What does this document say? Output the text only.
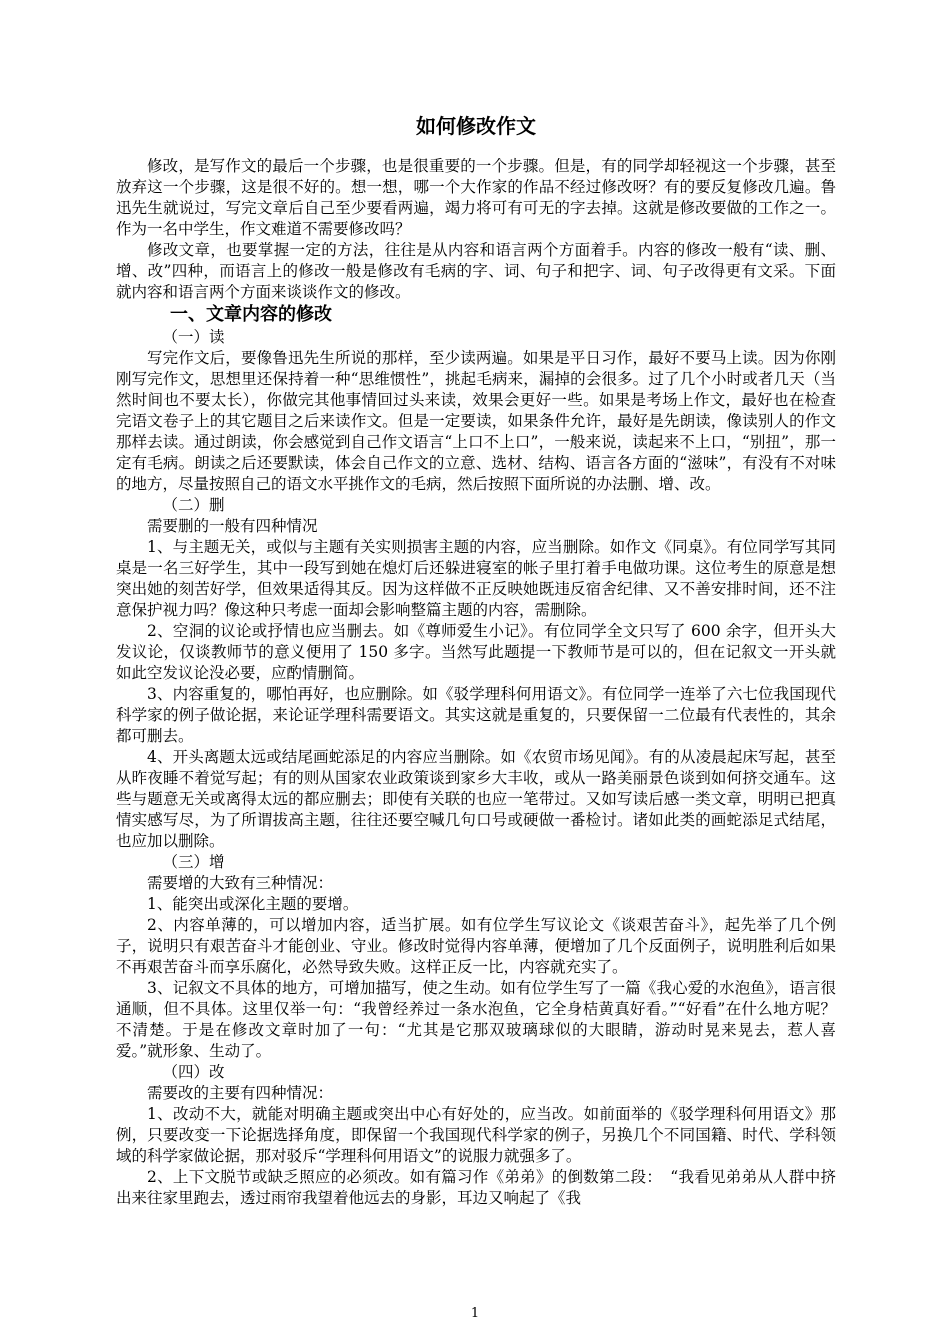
如何修改作文

修改，是写作文的最后一个步骤，也是很重要的一个步骤。但是，有的同学却轻视这一个步骤，甚至放弃这一个步骤，这是很不好的。想一想，哪一个大作家的作品不经过修改呀？有的要反复修改几遍。鲁迅先生就说过，写完文章后自己至少要看两遍，竭力将可有可无的字去掉。这就是修改要做的工作之一。作为一名中学生，作文难道不需要修改吗？

修改文章，也要掌握一定的方法，往往是从内容和语言两个方面着手。内容的修改一般有“读、删、增、改”四种，而语言上的修改一般是修改有毛病的字、词、句子和把字、词、句子改得更有文采。下面就内容和语言两个方面来谈谈作文的修改。

一、文章内容的修改
（一）读

写完作文后，要像鲁迅先生所说的那样，至少读两遍。如果是平日习作，最好不要马上读。因为你刚刚写完作文，思想里还保持着一种“思维惯性”，挑起毛病来，漏掉的会很多。过了几个小时或者几天（当然时间也不要太长），你做完其他事情回过头来读，效果会更好一些。如果是考场上作文，最好也在检查完语文卷子上的其它题目之后来读作文。但是一定要读，如果条件允许，最好是先朗读，像读别人的作文那样去读。通过朗读，你会感觉到自己作文语言“上口不上口”，一般来说，读起来不上口，“别扭”，那一定有毛病。朗读之后还要默读，体会自己作文的立意、选材、结构、语言各方面的“滋味”，有没有不对味的地方，尽量按照自己的语文水平挑作文的毛病，然后按照下面所说的办法删、增、改。

（二）删

需要删的一般有四种情况

1、与主题无关，或似与主题有关实则损害主题的内容，应当删除。如作文《同桌》。有位同学写其同桌是一名三好学生，其中一段写到她在熄灯后还躲进寝室的帐子里打着手电做功课。这位考生的原意是想突出她的刻苦好学，但效果适得其反。因为这样做不正反映她既违反宿舍纪律、又不善安排时间，还不注意保护视力吗？像这种只考虑一面却会影响整篇主题的内容，需删除。

2、空洞的议论或抒情也应当删去。如《尊师爱生小记》。有位同学全文只写了 600 余字，但开头大发议论，仅谈教师节的意义便用了 150 多字。当然写此题提一下教师节是可以的，但在记叙文一开头就如此空发议论没必要，应酌情删简。

3、内容重复的，哪怕再好，也应删除。如《驳学理科何用语文》。有位同学一连举了六七位我国现代科学家的例子做论据，来论证学理科需要语文。其实这就是重复的，只要保留一二位最有代表性的，其余都可删去。

4、开头离题太远或结尾画蛇添足的内容应当删除。如《农贸市场见闻》。有的从凌晨起床写起，甚至从昨夜睡不着觉写起；有的则从国家农业政策谈到家乡大丰收，或从一路美丽景色谈到如何挤交通车。这些与题意无关或离得太远的都应删去；即使有关联的也应一笔带过。又如写读后感一类文章，明明已把真情实感写尽，为了所谓拔高主题，往往还要空喊几句口号或硬做一番检讨。诸如此类的画蛇添足式结尾，也应加以删除。

（三）增

需要增的大致有三种情况：

1、能突出或深化主题的要增。

2、内容单薄的，可以增加内容，适当扩展。如有位学生写议论文《谈艰苦奋斗》，起先举了几个例子，说明只有艰苦奋斗才能创业、守业。修改时觉得内容单薄，便增加了几个反面例子，说明胜利后如果不再艰苦奋斗而享乐腐化，必然导致失败。这样正反一比，内容就充实了。

3、记叙文不具体的地方，可增加描写，使之生动。如有位学生写了一篇《我心爱的水泡鱼》，语言很通顺，但不具体。这里仅举一句：“我曾经养过一条水泡鱼，它全身桔黄真好看。”“好看”在什么地方呢？不清楚。于是在修改文章时加了一句：“尤其是它那双玻璃球似的大眼睛，游动时晃来晃去，惹人喜爱。”就形象、生动了。

（四）改

需要改的主要有四种情况：

1、改动不大，就能对明确主题或突出中心有好处的，应当改。如前面举的《驳学理科何用语文》那例，只要改变一下论据选择角度，即保留一个我国现代科学家的例子，另换几个不同国籍、时代、学科领域的科学家做论据，那对驳斥“学理科何用语文”的说服力就强多了。

2、上下文脱节或缺乏照应的必须改。如有篇习作《弟弟》的倒数第二段：　“我看见弟弟从人群中挤出来往家里跑去，透过雨帘我望着他远去的身影，耳边又响起了《我

1
